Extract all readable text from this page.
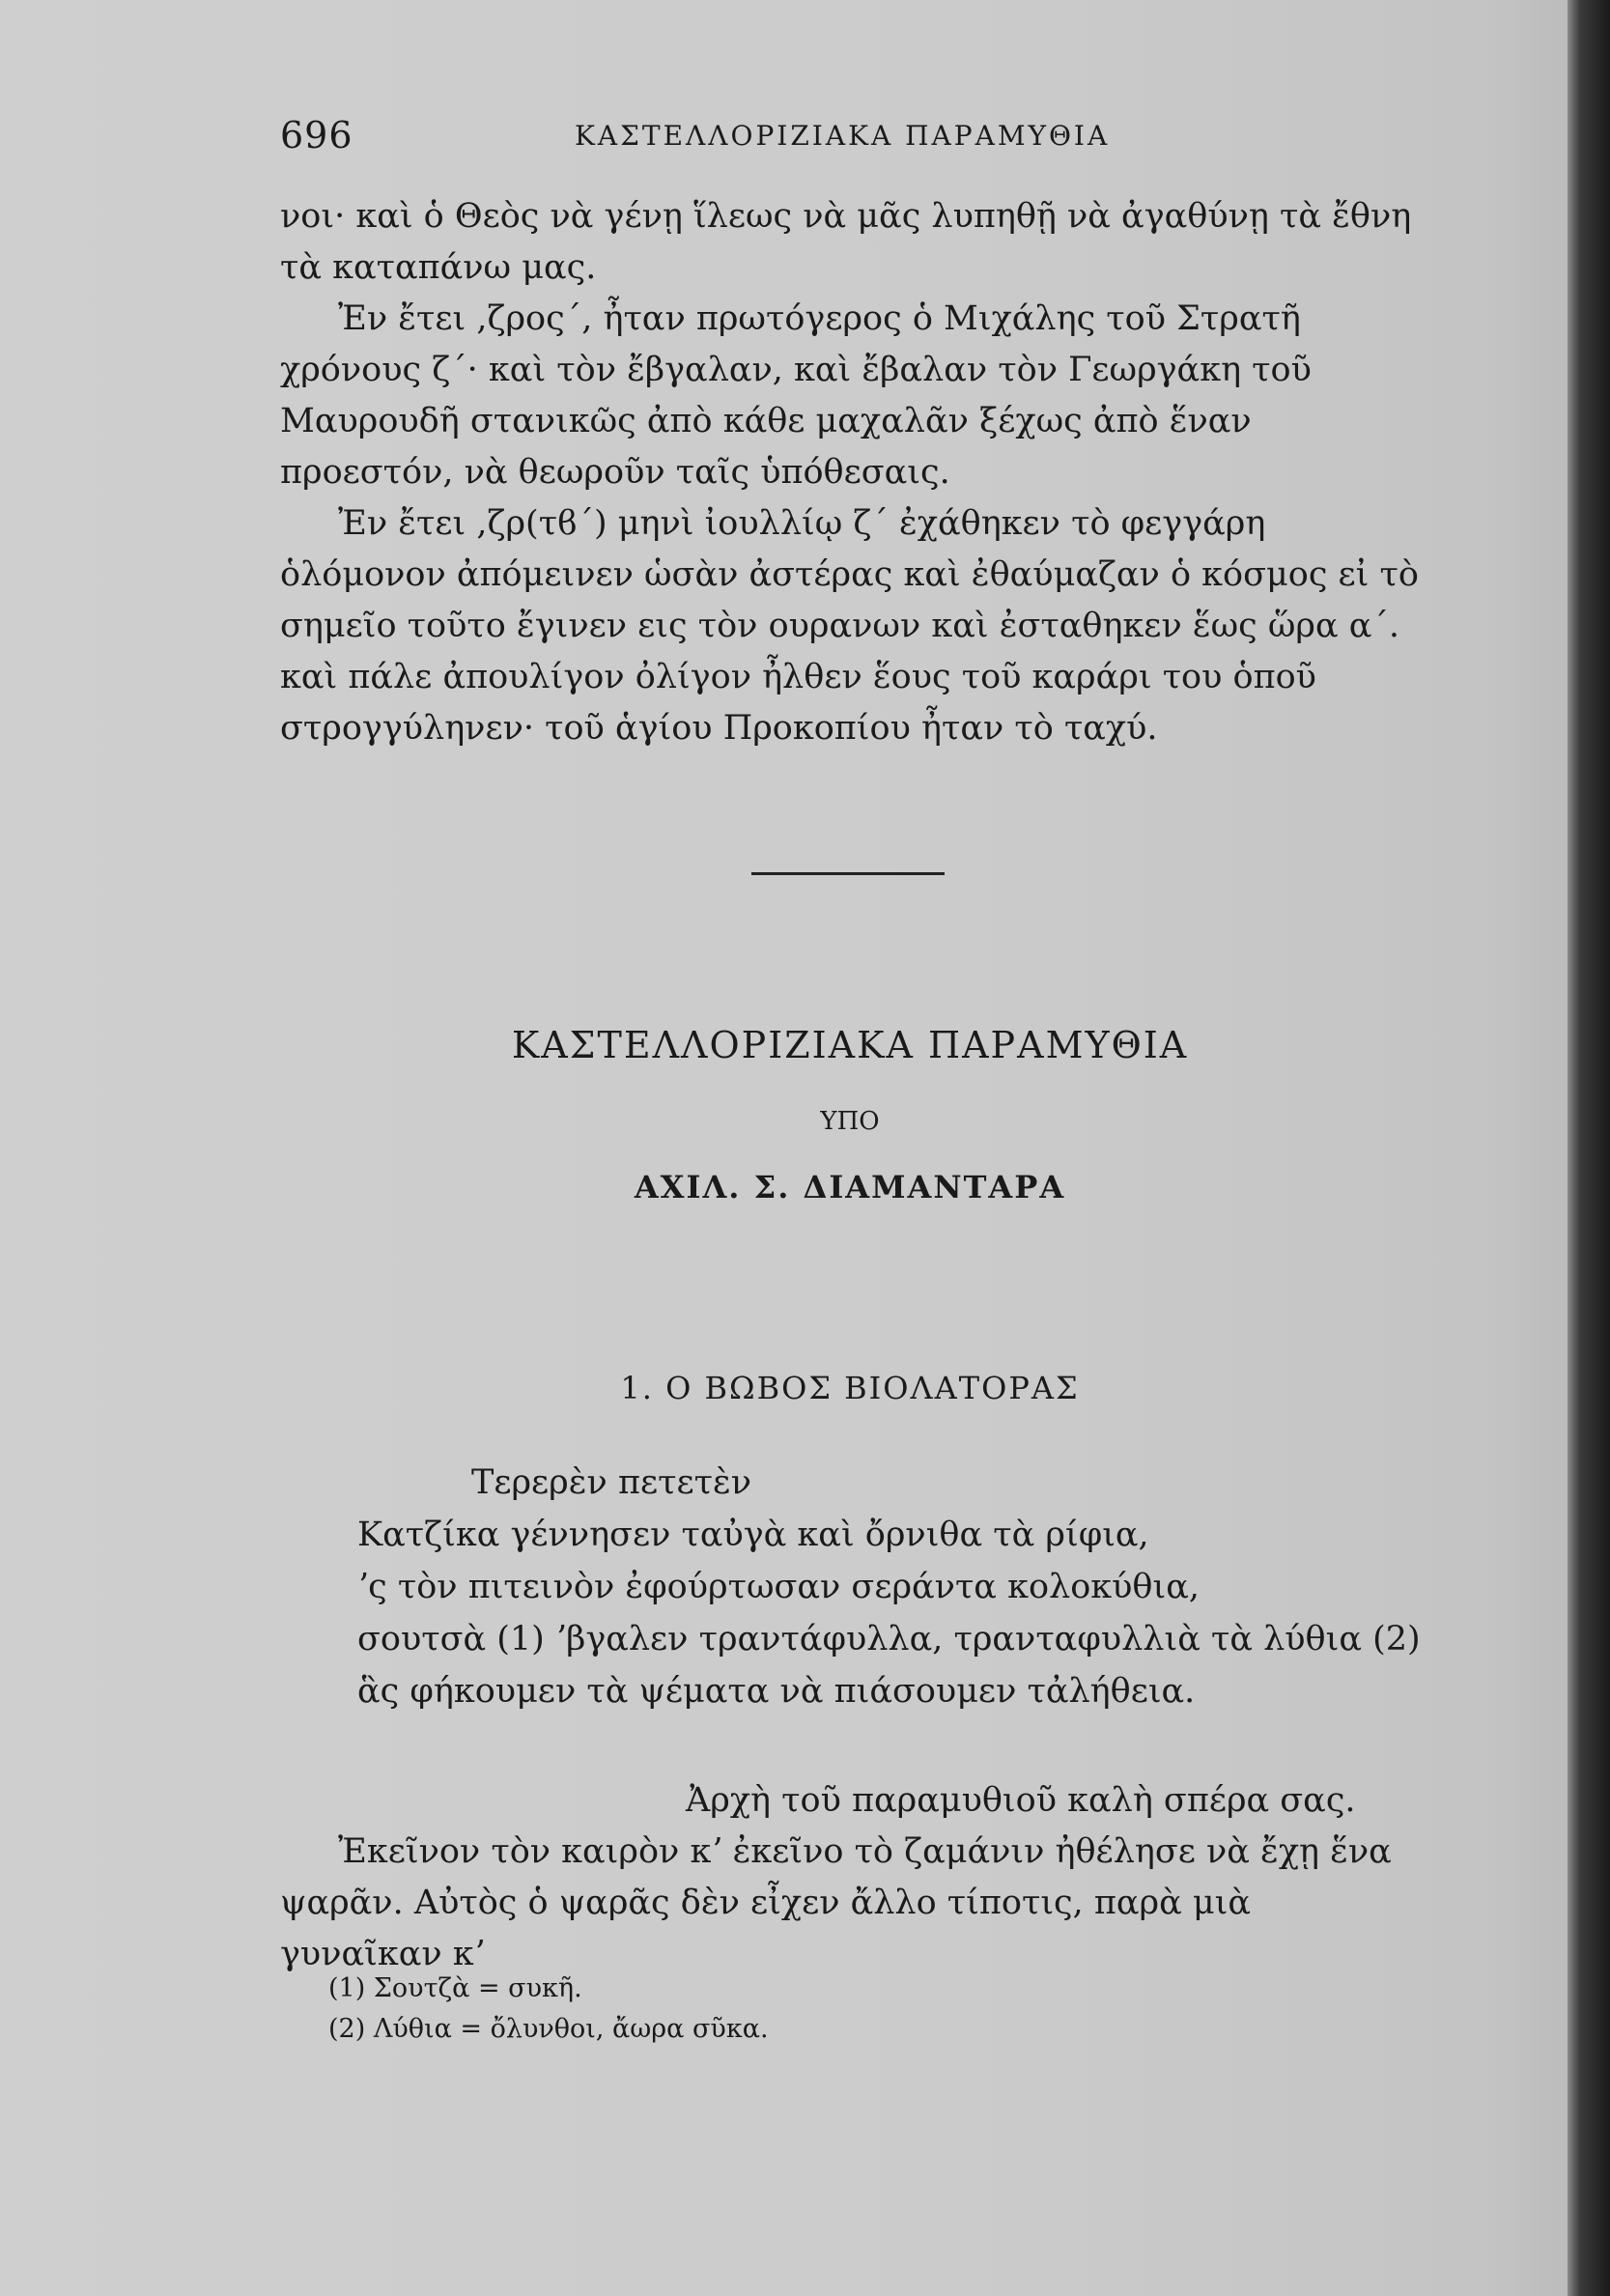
696	ΚΑΣΤΕΛΛΟΡΙΖΙΑΚΑ ΠΑΡΑΜΥΘΙΑ

νοι· καὶ ὁ Θεὸς νὰ γένῃ ἵλεως νὰ μᾶς λυπηθῇ νὰ ἀγαθύνῃ τὰ ἔθνη τὰ καταπάνω μας.

Ἐν ἔτει ,ζρος΄, ἦταν πρωτόγερος ὁ Μιχάλης τοῦ Στρατῆ χρόνους ζ΄· καὶ τὸν ἔβγαλαν, καὶ ἔβαλαν τὸν Γεωργάκη τοῦ Μαυρουδῆ στανικῶς ἀπὸ κάθε μαχαλᾶν ξέχως ἀπὸ ἕναν προεστόν, νὰ θεωροῦν ταῖς ὑπόθεσαις.

Ἐν ἔτει ,ζρ(τϐ΄) μηνὶ ἰουλλίῳ ζ΄ ἐχάθηκεν τὸ φεγγάρη ὁλόμονον ἀπόμεινεν ὡσὰν ἀστέρας καὶ ἐθαύμαζαν ὁ κόσμος εἰ τὸ σημεῖο τοῦτο ἔγινεν εις τὸν ουρανων καὶ ἐσταθηκεν ἕως ὥρα α΄. καὶ πάλε ἀπουλίγον ὀλίγον ἦλθεν ἕους τοῦ καράρι του ὁποῦ στρογγύληνεν· τοῦ ἁγίου Προκοπίου ἦταν τὸ ταχύ.

ΚΑΣΤΕΛΛΟΡΙΖΙΑΚΑ ΠΑΡΑΜΥΘΙΑ
ΥΠΟ
ΑΧΙΛ. Σ. ΔΙΑΜΑΝΤΑΡΑ
1. Ο ΒΩΒΟΣ ΒΙΟΛΑΤΟΡΑΣ

Τερερὲν πετετὲν

Κατζίκα γέννησεν ταὐγὰ καὶ ὄρνιθα τὰ ρίφια,

ʼς τὸν πιτεινὸν ἐφούρτωσαν σεράντα κολοκύθια,

σουτσὰ (1) ʼβγαλεν τραντάφυλλα, τρανταφυλλιὰ τὰ λύθια (2)

ἃς φήκουμεν τὰ ψέματα νὰ πιάσουμεν τἀλήθεια.

Ἀρχὴ τοῦ παραμυθιοῦ καλὴ σπέρα σας.

Ἐκεῖνον τὸν καιρὸν κʼ ἐκεῖνο τὸ ζαμάνιν ἠθέλησε νὰ ἔχῃ ἕνα ψαρᾶν. Αὐτὸς ὁ ψαρᾶς δὲν εἶχεν ἄλλο τίποτις, παρὰ μιὰ γυναῖκαν κʼ

(1) Σουτζὰ = συκῆ.

(2) Λύθια = ὄλυνθοι, ἄωρα σῦκα.
